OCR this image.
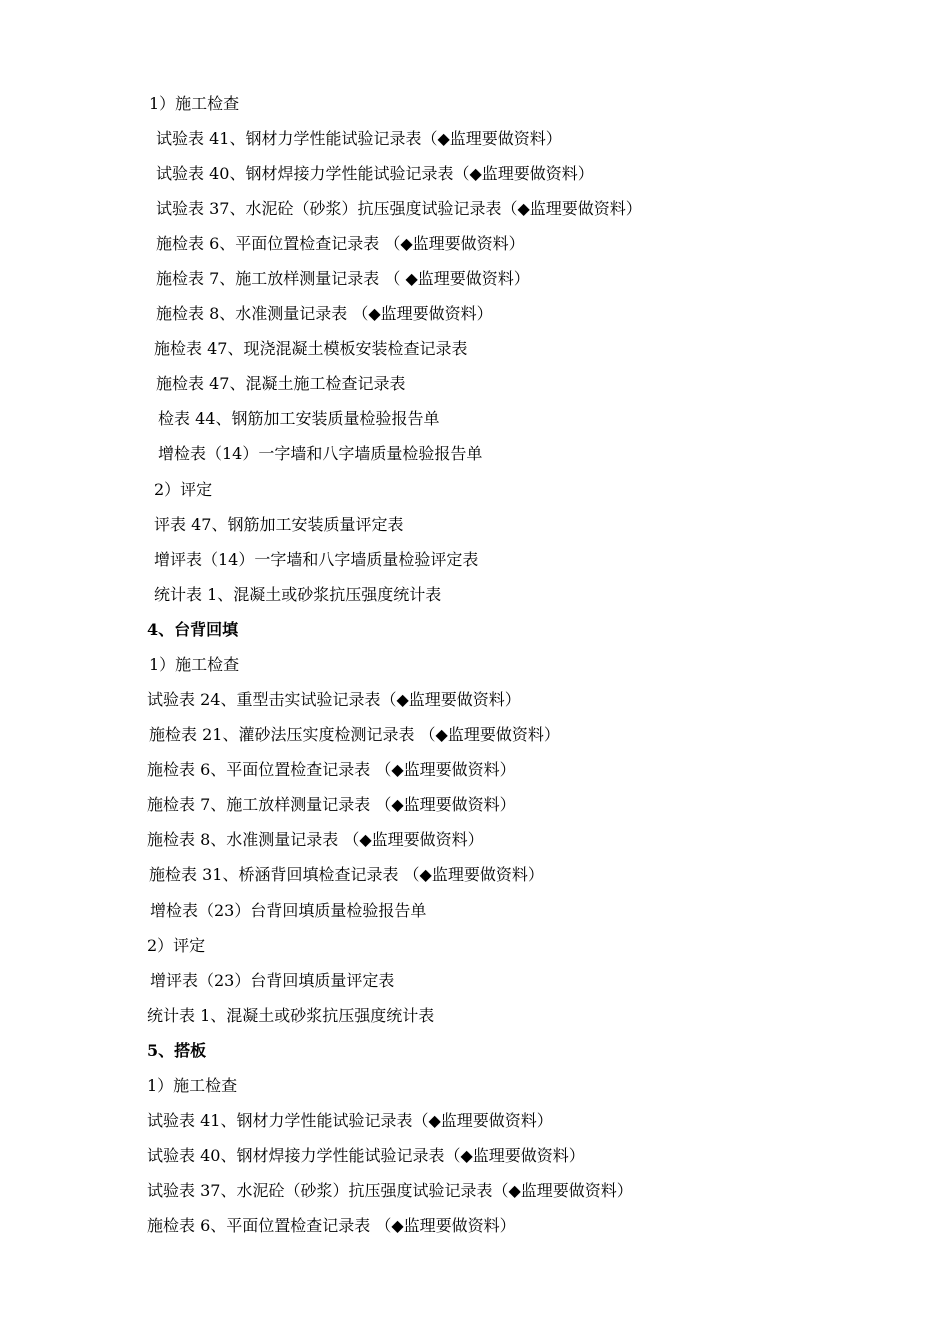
1）施工检查
试验表 41、钢材力学性能试验记录表（◆监理要做资料）
试验表 40、钢材焊接力学性能试验记录表（◆监理要做资料）
试验表 37、水泥砼（砂浆）抗压强度试验记录表（◆监理要做资料）
施检表 6、平面位置检查记录表 （◆监理要做资料）
施检表 7、施工放样测量记录表 （ ◆监理要做资料）
施检表 8、水准测量记录表 （◆监理要做资料）
施检表 47、现浇混凝土模板安装检查记录表
施检表 47、混凝土施工检查记录表
检表 44、钢筋加工安装质量检验报告单
增检表（14）一字墙和八字墙质量检验报告单
2）评定
评表 47、钢筋加工安装质量评定表
增评表（14）一字墙和八字墙质量检验评定表
统计表 1、混凝土或砂浆抗压强度统计表
4、台背回填
1）施工检查
试验表 24、重型击实试验记录表（◆监理要做资料）
施检表 21、灌砂法压实度检测记录表 （◆监理要做资料）
施检表 6、平面位置检查记录表 （◆监理要做资料）
施检表 7、施工放样测量记录表 （◆监理要做资料）
施检表 8、水准测量记录表 （◆监理要做资料）
施检表 31、桥涵背回填检查记录表 （◆监理要做资料）
增检表（23）台背回填质量检验报告单
2）评定
增评表（23）台背回填质量评定表
统计表 1、混凝土或砂浆抗压强度统计表
5、搭板
1）施工检查
试验表 41、钢材力学性能试验记录表（◆监理要做资料）
试验表 40、钢材焊接力学性能试验记录表（◆监理要做资料）
试验表 37、水泥砼（砂浆）抗压强度试验记录表（◆监理要做资料）
施检表 6、平面位置检查记录表 （◆监理要做资料）
